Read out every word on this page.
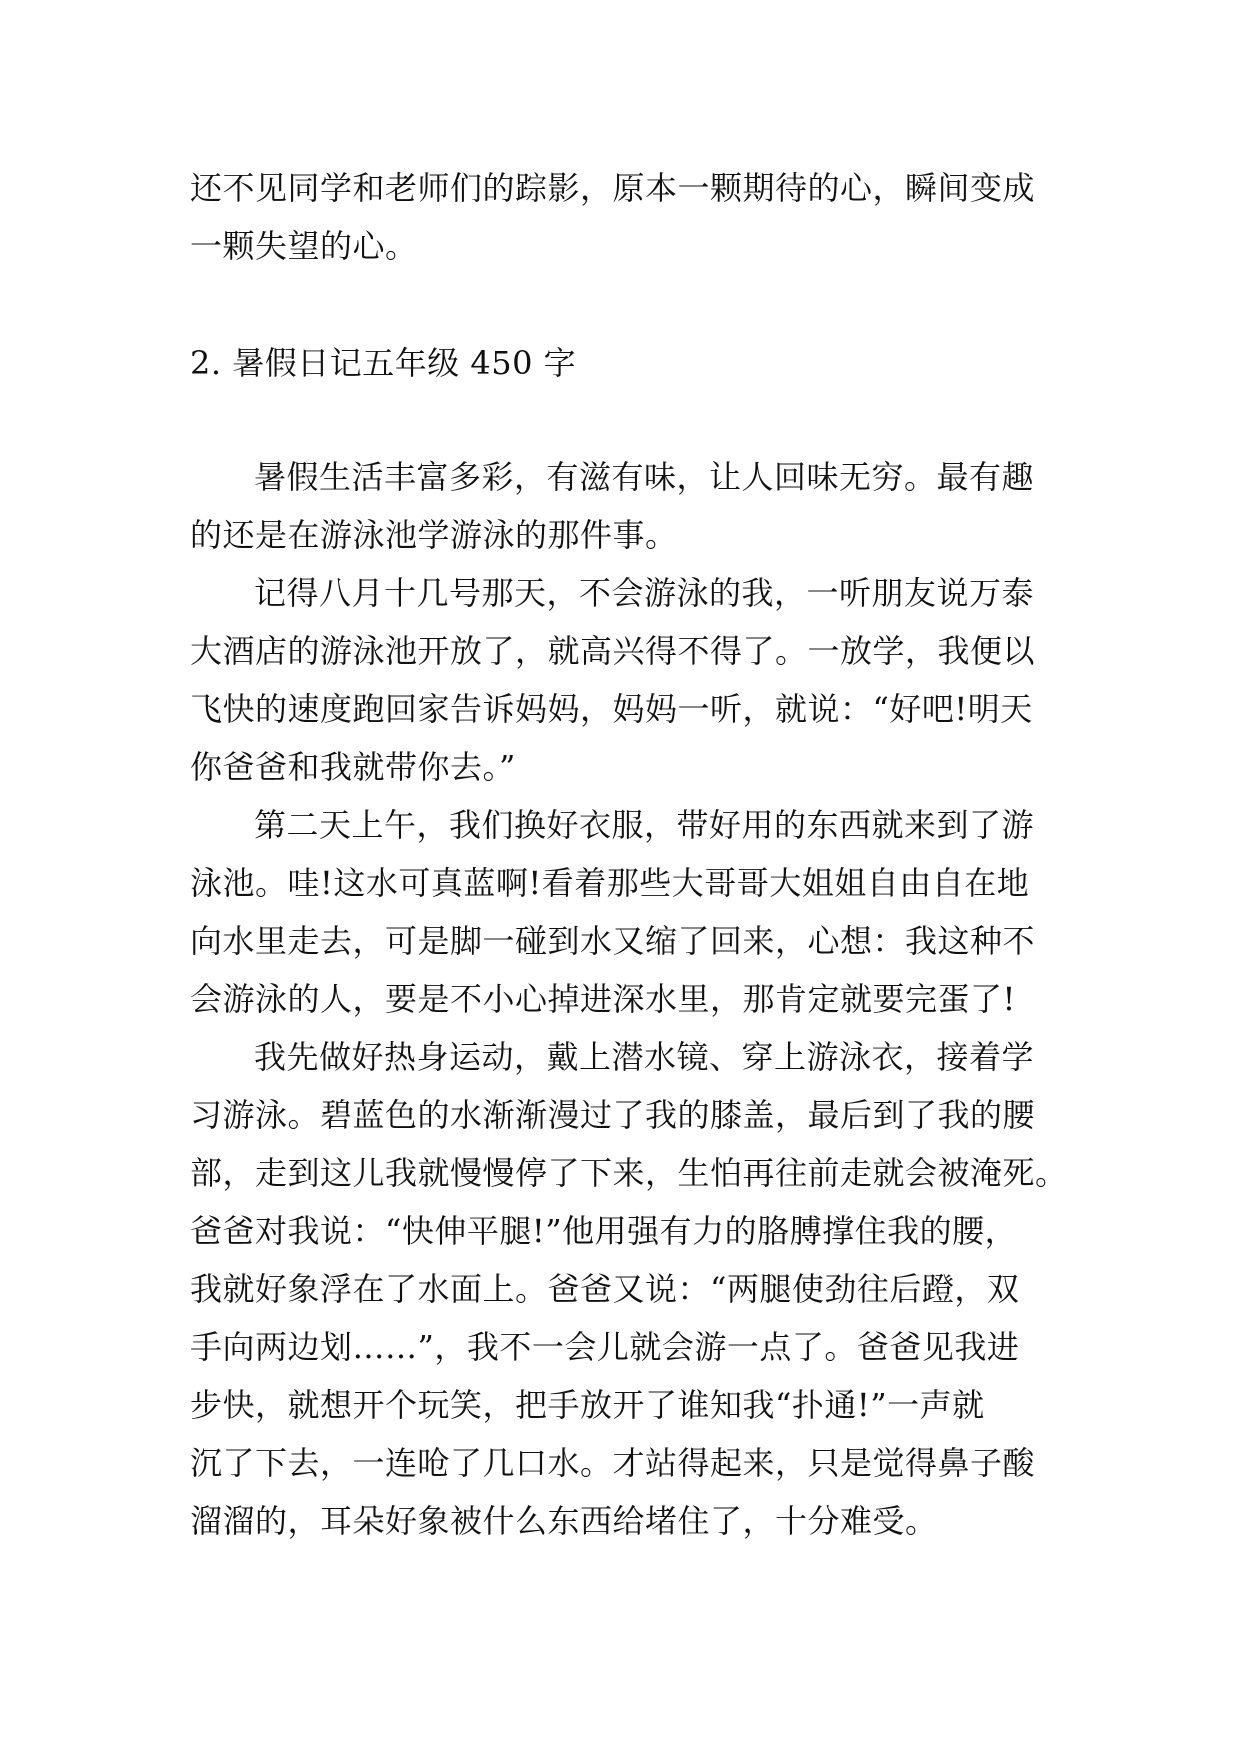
还不见同学和老师们的踪影，原本一颗期待的心，瞬间变成
一颗失望的心。
2. 暑假日记五年级 450 字
暑假生活丰富多彩，有滋有味，让人回味无穷。最有趣
的还是在游泳池学游泳的那件事。
记得八月十几号那天，不会游泳的我，一听朋友说万泰
大酒店的游泳池开放了，就高兴得不得了。一放学，我便以
飞快的速度跑回家告诉妈妈，妈妈一听，就说：“好吧!明天
你爸爸和我就带你去。”
第二天上午，我们换好衣服，带好用的东西就来到了游
泳池。哇!这水可真蓝啊!看着那些大哥哥大姐姐自由自在地
向水里走去，可是脚一碰到水又缩了回来，心想：我这种不
会游泳的人，要是不小心掉进深水里，那肯定就要完蛋了!
我先做好热身运动，戴上潜水镜、穿上游泳衣，接着学
习游泳。碧蓝色的水渐渐漫过了我的膝盖，最后到了我的腰
部，走到这儿我就慢慢停了下来，生怕再往前走就会被淹死。
爸爸对我说：“快伸平腿!”他用强有力的胳膊撑住我的腰，
我就好象浮在了水面上。爸爸又说：“两腿使劲往后蹬，双
手向两边划……”，我不一会儿就会游一点了。爸爸见我进
步快，就想开个玩笑，把手放开了谁知我“扑通!”一声就
沉了下去，一连呛了几口水。才站得起来，只是觉得鼻子酸
溜溜的，耳朵好象被什么东西给堵住了，十分难受。
